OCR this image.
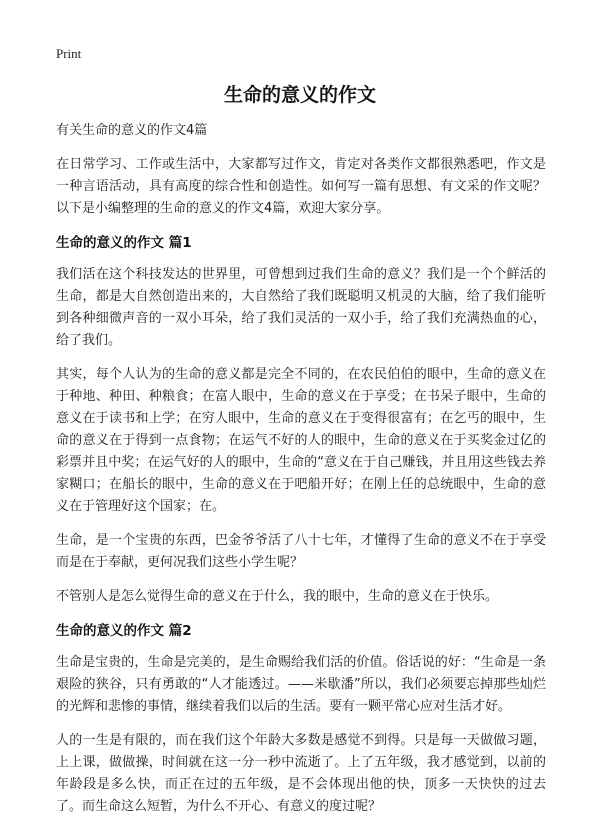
Print
生命的意义的作文
有关生命的意义的作文4篇

在日常学习、工作或生活中，大家都写过作文，肯定对各类作文都很熟悉吧，作文是一种言语活动，具有高度的综合性和创造性。如何写一篇有思想、有文采的作文呢？以下是小编整理的生命的意义的作文4篇，欢迎大家分享。

生命的意义的作文 篇1

我们活在这个科技发达的世界里，可曾想到过我们生命的意义？我们是一个个鲜活的生命，都是大自然创造出来的，大自然给了我们既聪明又机灵的大脑，给了我们能听到各种细微声音的一双小耳朵，给了我们灵活的一双小手，给了我们充满热血的心，给了我们。

其实，每个人认为的生命的意义都是完全不同的，在农民伯伯的眼中，生命的意义在于种地、种田、种粮食；在富人眼中，生命的意义在于享受；在书呆子眼中，生命的意义在于读书和上学；在穷人眼中，生命的意义在于变得很富有；在乞丐的眼中，生命的意义在于得到一点食物；在运气不好的人的眼中，生命的意义在于买奖金过亿的彩票并且中奖；在运气好的人的眼中，生命的“意义在于自己赚钱，并且用这些钱去养家糊口；在船长的眼中，生命的意义在于吧船开好；在刚上任的总统眼中，生命的意义在于管理好这个国家；在。

生命，是一个宝贵的东西，巴金爷爷活了八十七年，才懂得了生命的意义不在于享受而是在于奉献，更何况我们这些小学生呢？

不管别人是怎么觉得生命的意义在于什么，我的眼中，生命的意义在于快乐。

生命的意义的作文 篇2

生命是宝贵的，生命是完美的，是生命赐给我们活的价值。俗话说的好：“生命是一条艰险的狭谷，只有勇敢的“人才能透过。——米歇潘”所以，我们必须要忘掉那些灿烂的光辉和悲惨的事情，继续着我们以后的生活。要有一颗平常心应对生活才好。

人的一生是有限的，而在我们这个年龄大多数是感觉不到得。只是每一天做做习题，上上课，做做操，时间就在这一分一秒中流逝了。上了五年级，我才感觉到，以前的年龄段是多么快，而正在过的五年级，是不会体现出他的快，顶多一天快快的过去了。而生命这么短暂，为什么不开心、有意义的度过呢？
